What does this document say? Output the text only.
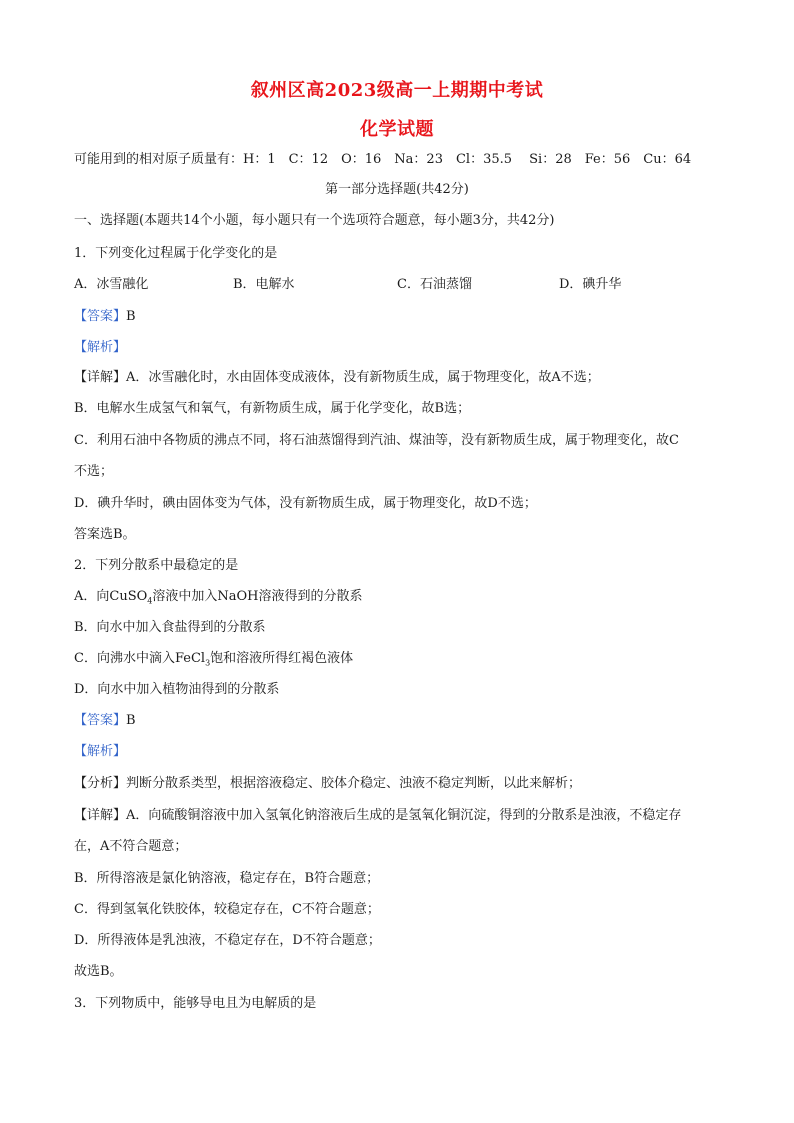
叙州区高2023级高一上期期中考试
化学试题
可能用到的相对原子质量有：H：1　C：12　O：16　Na：23　Cl：35.5　 Si：28　Fe：56　Cu：64
第一部分选择题(共42分)
一、选择题(本题共14个小题，每小题只有一个选项符合题意，每小题3分，共42分)
1．下列变化过程属于化学变化的是
A．冰雪融化	B．电解水	C．石油蒸馏	D．碘升华
【答案】B
【解析】
【详解】A．冰雪融化时，水由固体变成液体，没有新物质生成，属于物理变化，故A不选；
B．电解水生成氢气和氧气，有新物质生成，属于化学变化，故B选；
C．利用石油中各物质的沸点不同，将石油蒸馏得到汽油、煤油等，没有新物质生成，属于物理变化，故C
不选；
D．碘升华时，碘由固体变为气体，没有新物质生成，属于物理变化，故D不选；
答案选B。
2．下列分散系中最稳定的是
A．向CuSO$_4$溶液中加入NaOH溶液得到的分散系
B．向水中加入食盐得到的分散系
C．向沸水中滴入FeCl$_3$饱和溶液所得红褐色液体
D．向水中加入植物油得到的分散系
【答案】B
【解析】
【分析】判断分散系类型，根据溶液稳定、胶体介稳定、浊液不稳定判断，以此来解析；
【详解】A．向硫酸铜溶液中加入氢氧化钠溶液后生成的是氢氧化铜沉淀，得到的分散系是浊液，不稳定存
在，A不符合题意；
B．所得溶液是氯化钠溶液，稳定存在，B符合题意；
C．得到氢氧化铁胶体，较稳定存在，C不符合题意；
D．所得液体是乳浊液，不稳定存在，D不符合题意；
故选B。
3．下列物质中，能够导电且为电解质的是
